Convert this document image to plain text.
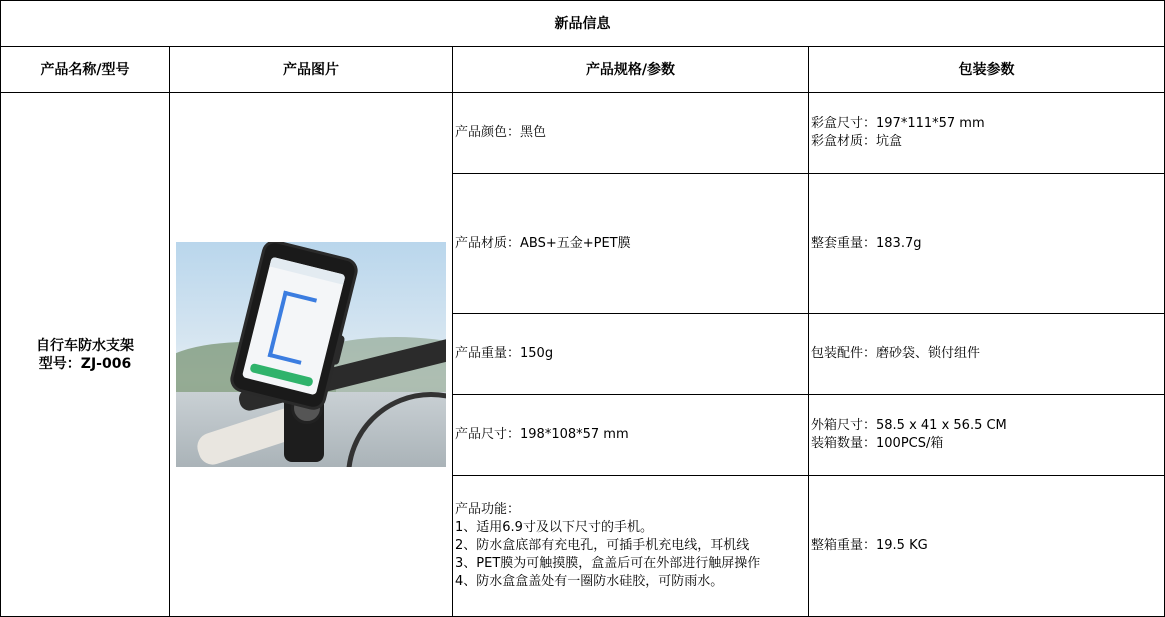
新品信息			
产品名称/型号	产品图片	产品规格/参数	包装参数

自行车防水支架
型号：ZJ-006		产品颜色：黑色	彩盒尺寸：197*111*57 mm
彩盒材质：坑盒

		产品材质：ABS+五金+PET膜	整套重量：183.7g

		产品重量：150g	包装配件：磨砂袋、锁付组件

		产品尺寸：198*108*57 mm	外箱尺寸：58.5 x 41 x 56.5 CM
装箱数量：100PCS/箱

		产品功能：
1、适用6.9寸及以下尺寸的手机。
2、防水盒底部有充电孔，可插手机充电线，耳机线
3、PET膜为可触摸膜，盒盖后可在外部进行触屏操作
4、防水盒盒盖处有一圈防水硅胶，可防雨水。	整箱重量：19.5 KG
